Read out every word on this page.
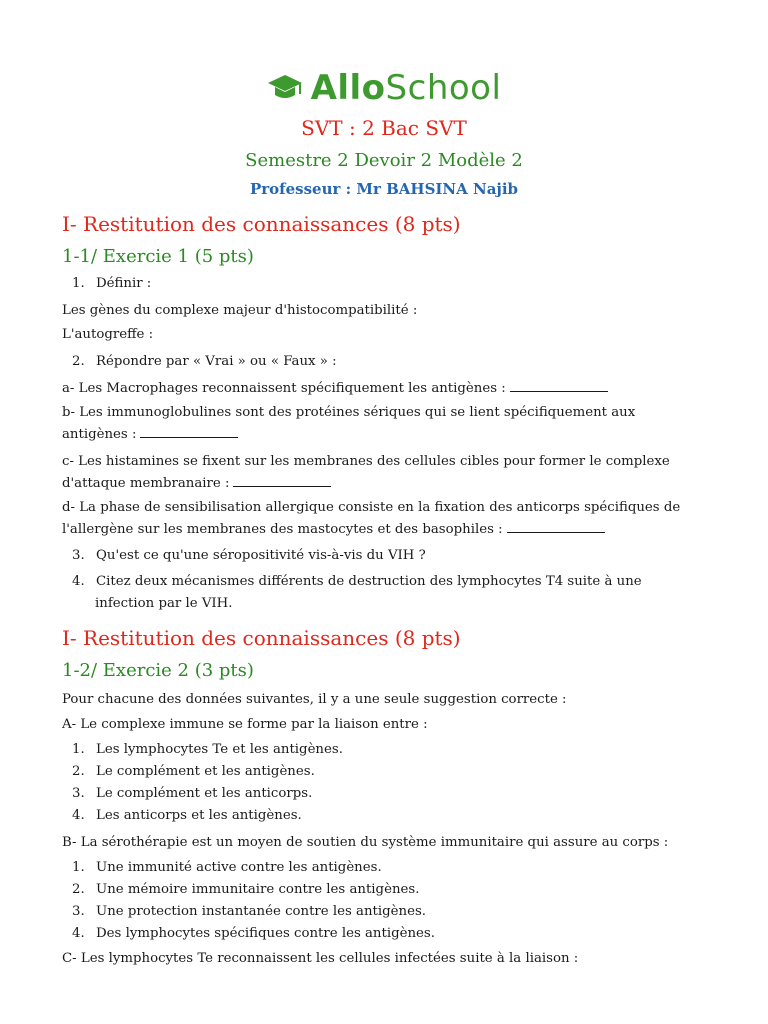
AlloSchool
SVT : 2 Bac SVT
Semestre 2 Devoir 2 Modèle 2
Professeur : Mr BAHSINA Najib
I- Restitution des connaissances (8 pts)
1-1/ Exercie 1 (5 pts)
1. Définir :
Les gènes du complexe majeur d'histocompatibilité :
L'autogreffe :
2. Répondre par « Vrai » ou « Faux » :
a- Les Macrophages reconnaissent spécifiquement les antigènes :
b- Les immunoglobulines sont des protéines sériques qui se lient spécifiquement aux
antigènes :
c- Les histamines se fixent sur les membranes des cellules cibles pour former le complexe
d'attaque membranaire :
d- La phase de sensibilisation allergique consiste en la fixation des anticorps spécifiques de
l'allergène sur les membranes des mastocytes et des basophiles :
3. Qu'est ce qu'une séropositivité vis-à-vis du VIH ?
4. Citez deux mécanismes différents de destruction des lymphocytes T4 suite à une
infection par le VIH.
I- Restitution des connaissances (8 pts)
1-2/ Exercie 2 (3 pts)
Pour chacune des données suivantes, il y a une seule suggestion correcte :
A- Le complexe immune se forme par la liaison entre :
1. Les lymphocytes Te et les antigènes.
2. Le complément et les antigènes.
3. Le complément et les anticorps.
4. Les anticorps et les antigènes.
B- La sérothérapie est un moyen de soutien du système immunitaire qui assure au corps :
1. Une immunité active contre les antigènes.
2. Une mémoire immunitaire contre les antigènes.
3. Une protection instantanée contre les antigènes.
4. Des lymphocytes spécifiques contre les antigènes.
C- Les lymphocytes Te reconnaissent les cellules infectées suite à la liaison :
